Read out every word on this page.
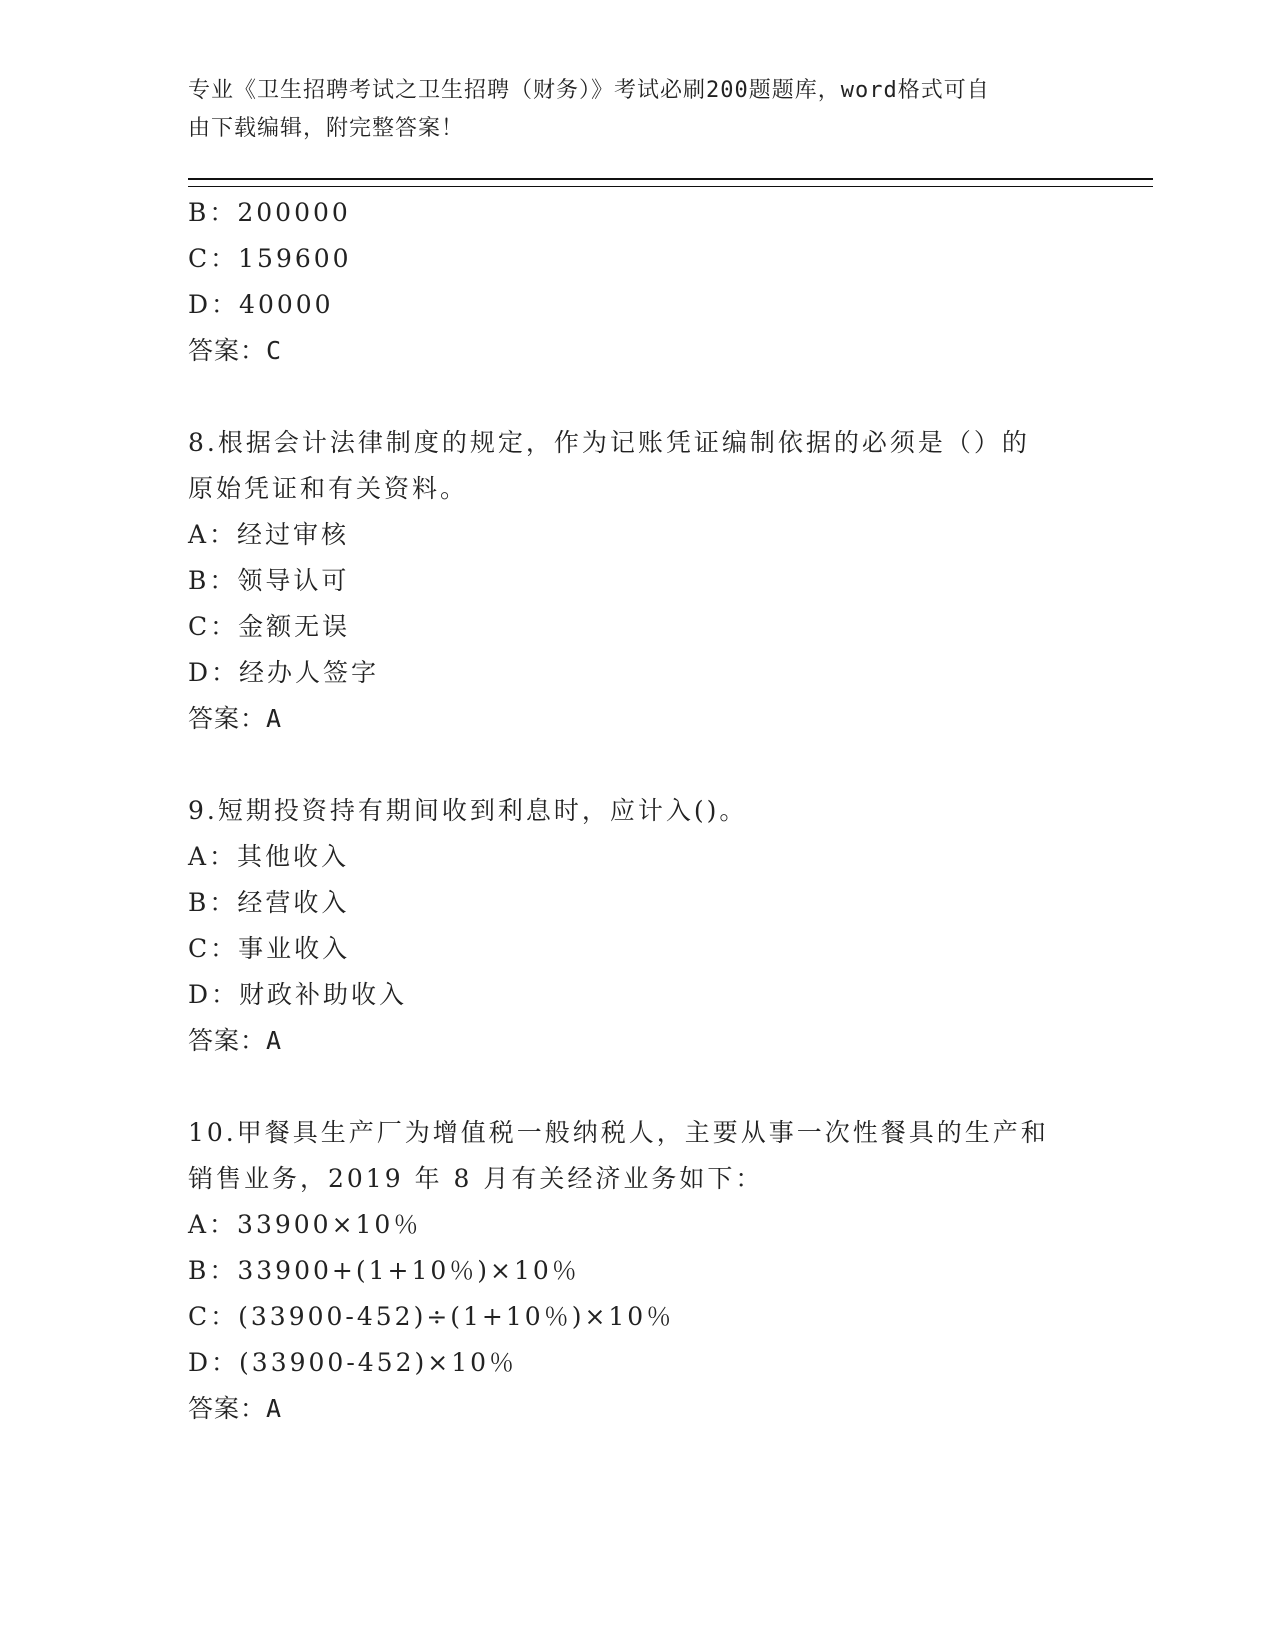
专业《卫生招聘考试之卫生招聘（财务）》考试必刷200题题库，word格式可自
由下载编辑，附完整答案！
B：200000
C：159600
D：40000
答案：C
8.根据会计法律制度的规定，作为记账凭证编制依据的必须是（）的
原始凭证和有关资料。
A：经过审核
B：领导认可
C：金额无误
D：经办人签字
答案：A
9.短期投资持有期间收到利息时，应计入()。
A：其他收入
B：经营收入
C：事业收入
D：财政补助收入
答案：A
10.甲餐具生产厂为增值税一般纳税人，主要从事一次性餐具的生产和
销售业务，2019 年 8 月有关经济业务如下：
A：33900×10％
B：33900+(1+10％)×10％
C：(33900-452)÷(1+10％)×10％
D：(33900-452)×10％
答案：A
